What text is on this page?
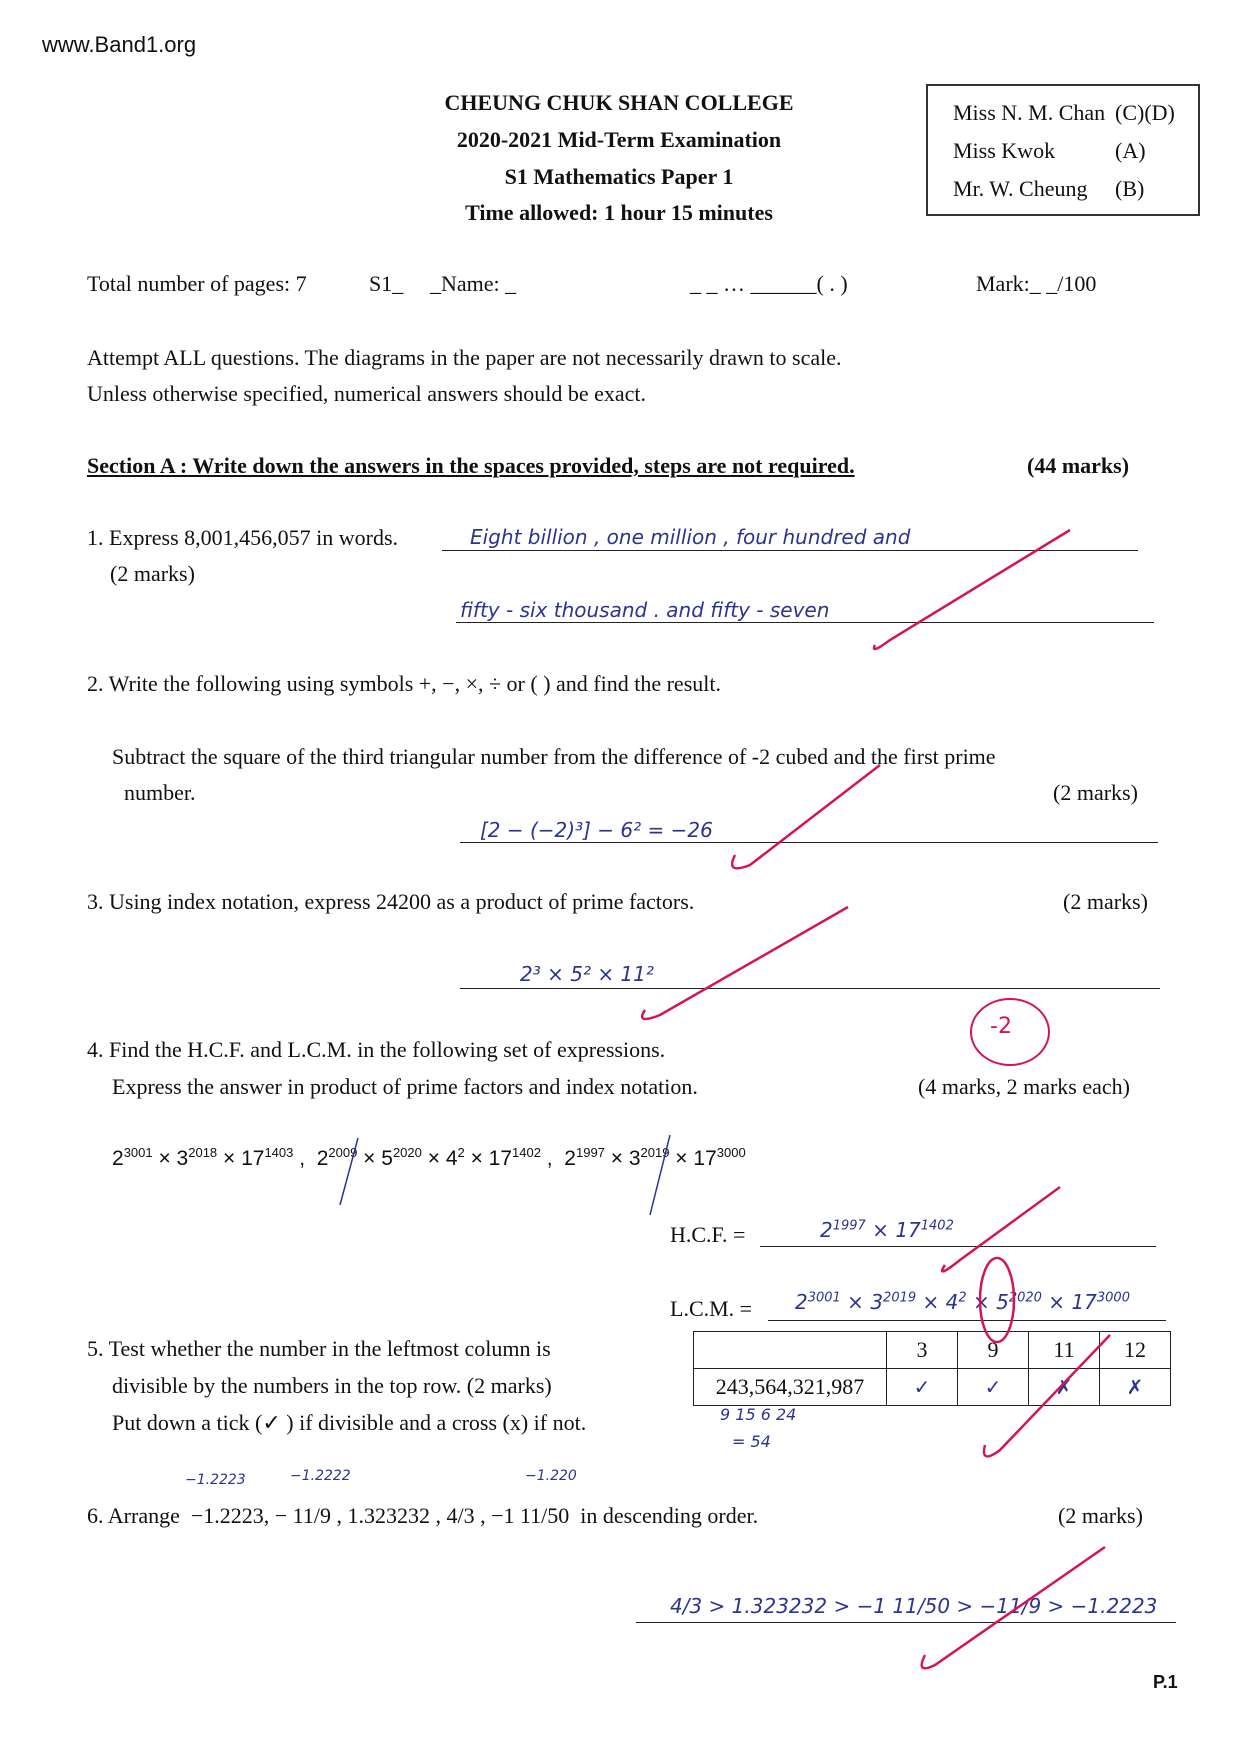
www.Band1.org
CHEUNG CHUK SHAN COLLEGE
2020-2021 Mid-Term Examination
S1 Mathematics Paper 1
Time allowed: 1 hour 15 minutes
Miss N. M. Chan (C)(D)
Miss Kwok	(A)
Mr. W. Cheung (B)
Total number of pages: 7	S1_ _Name: _	_ _ … ______( . )	Mark:_ _/100
Attempt ALL questions. The diagrams in the paper are not necessarily drawn to scale.
Unless otherwise specified, numerical answers should be exact.
Section A : Write down the answers in the spaces provided, steps are not required.	(44 marks)
1. Express 8,001,456,057 in words.
(2 marks)
Eight billion , one million , four hundred and
fifty - six thousand . and fifty - seven
2. Write the following using symbols +, −, ×, ÷ or ( ) and find the result.
Subtract the square of the third triangular number from the difference of -2 cubed and the first prime
number.	(2 marks)
[2 − (−2)³] − 6² = −26
3. Using index notation, express 24200 as a product of prime factors.	(2 marks)
2³ × 5² × 11²
-2
4. Find the H.C.F. and L.C.M. in the following set of expressions.
Express the answer in product of prime factors and index notation.	(4 marks, 2 marks each)
$2^{3001} \times 3^{2018} \times 17^{1403}$ ,  $2^{2009} \times 5^{2020} \times 4^2 \times 17^{1402}$ ,  $2^{1997} \times 3^{2019} \times 17^{3000}$
H.C.F. =	$2^{1997} \times 17^{1402}$
L.C.M. = $2^{3001} \times 3^{2019} \times 4^2 \times 5^{2020} \times 17^{3000}$
5. Test whether the number in the leftmost column is
divisible by the numbers in the top row. (2 marks)
Put down a tick (✓ ) if divisible and a cross (x) if not.
	3	9	11	12
243,564,321,987	✓	✓	✗	✗
9 15 6 24
= 54
−1.2223	−1.2222	−1.220
6. Arrange −1.2223, − 11/9 , 1.323232 , 4/3 , −1 11/50 in descending order.	(2 marks)
4/3 > 1.323232 > −1 11/50 > −11/9 > −1.2223
P.1
